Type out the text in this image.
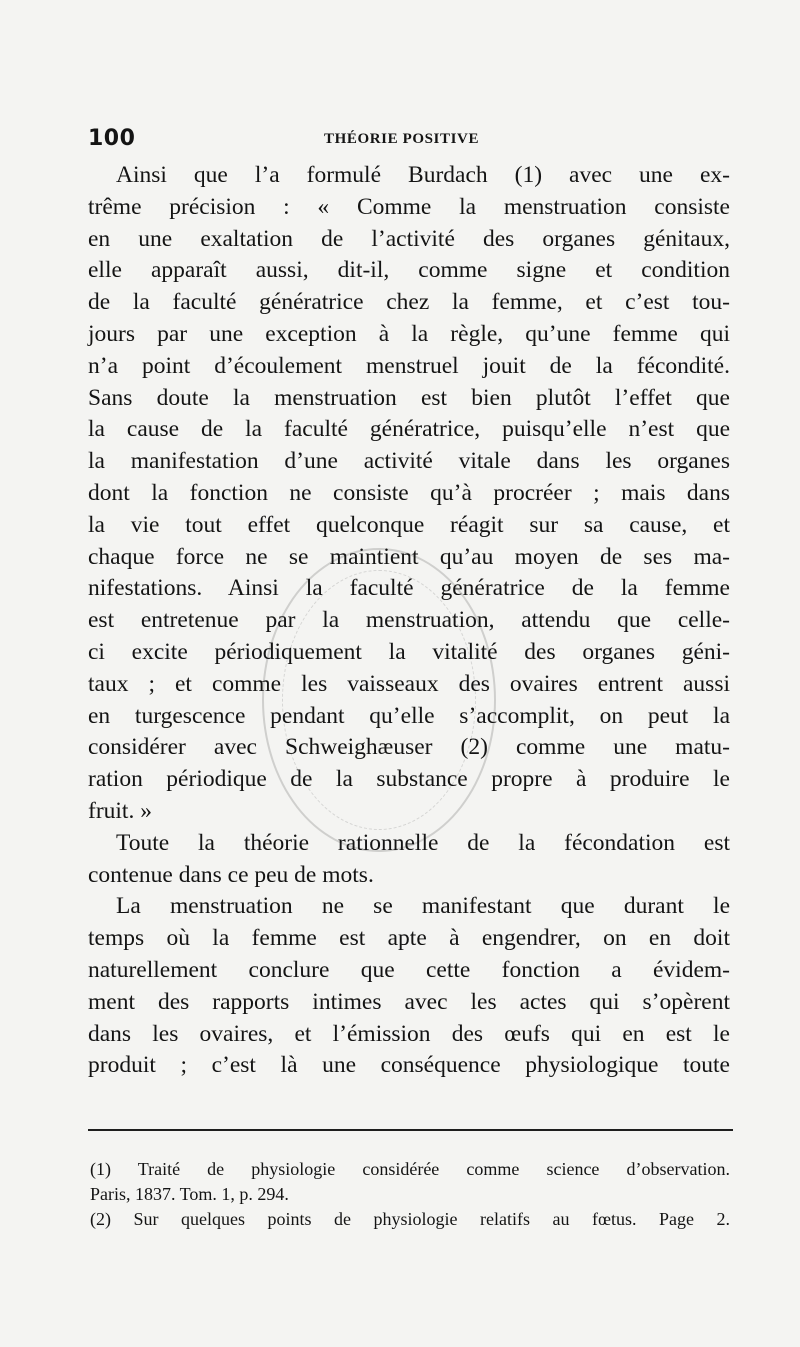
100	THÉORIE POSITIVE
Ainsi que l’a formulé Burdach (1) avec une ex-
trême précision : « Comme la menstruation consiste
en une exaltation de l’activité des organes génitaux,
elle apparaît aussi, dit-il, comme signe et condition
de la faculté génératrice chez la femme, et c’est tou-
jours par une exception à la règle, qu’une femme qui
n’a point d’écoulement menstruel jouit de la fécondité.
Sans doute la menstruation est bien plutôt l’effet que
la cause de la faculté génératrice, puisqu’elle n’est que
la manifestation d’une activité vitale dans les organes
dont la fonction ne consiste qu’à procréer ; mais dans
la vie tout effet quelconque réagit sur sa cause, et
chaque force ne se maintient qu’au moyen de ses ma-
nifestations. Ainsi la faculté génératrice de la femme
est entretenue par la menstruation, attendu que celle-
ci excite périodiquement la vitalité des organes géni-
taux ; et comme les vaisseaux des ovaires entrent aussi
en turgescence pendant qu’elle s’accomplit, on peut la
considérer avec Schweighæuser (2) comme une matu-
ration périodique de la substance propre à produire le
fruit. »
Toute la théorie rationnelle de la fécondation est
contenue dans ce peu de mots.
La menstruation ne se manifestant que durant le
temps où la femme est apte à engendrer, on en doit
naturellement conclure que cette fonction a évidem-
ment des rapports intimes avec les actes qui s’opèrent
dans les ovaires, et l’émission des œufs qui en est le
produit ; c’est là une conséquence physiologique toute
(1) Traité de physiologie considérée comme science d’observation.
Paris, 1837. Tom. 1, p. 294.
(2) Sur quelques points de physiologie relatifs au fœtus. Page 2.
